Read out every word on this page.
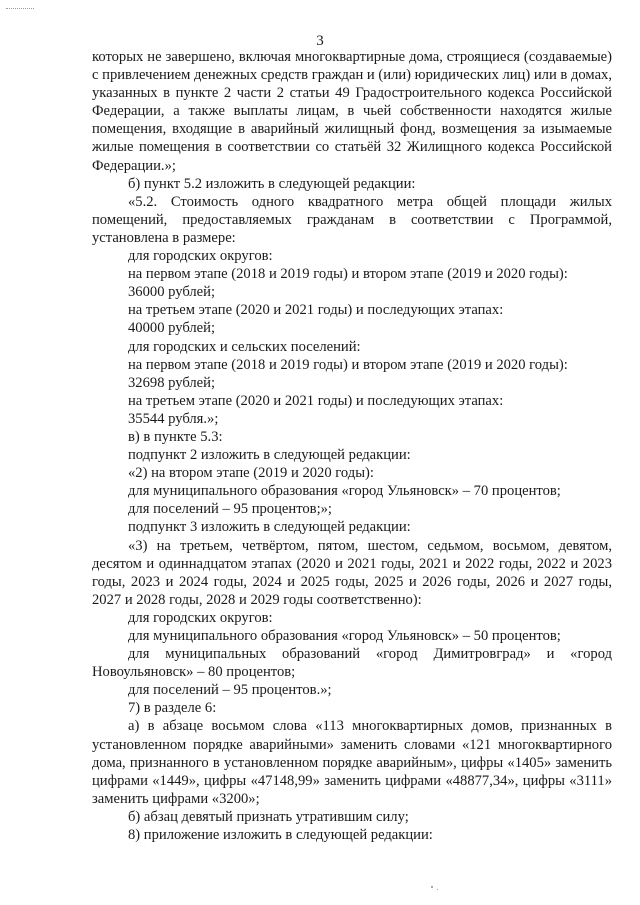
3

которых не завершено, включая многоквартирные дома, строящиеся (создаваемые) с привлечением денежных средств граждан и (или) юридических лиц) или в домах, указанных в пункте 2 части 2 статьи 49 Градостроительного кодекса Российской Федерации, а также выплаты лицам, в чьей собственности находятся жилые помещения, входящие в аварийный жилищный фонд, возмещения за изымаемые жилые помещения в соответствии со статьёй 32 Жилищного кодекса Российской Федерации.»;

б) пункт 5.2 изложить в следующей редакции:

«5.2. Стоимость одного квадратного метра общей площади жилых помещений, предоставляемых гражданам в соответствии с Программой, установлена в размере:

для городских округов:

на первом этапе (2018 и 2019 годы) и втором этапе (2019 и 2020 годы):

36000 рублей;

на третьем этапе (2020 и 2021 годы) и последующих этапах:

40000 рублей;

для городских и сельских поселений:

на первом этапе (2018 и 2019 годы) и втором этапе (2019 и 2020 годы):

32698 рублей;

на третьем этапе (2020 и 2021 годы) и последующих этапах:

35544 рубля.»;

в) в пункте 5.3:

подпункт 2 изложить в следующей редакции:

«2) на втором этапе (2019 и 2020 годы):

для муниципального образования «город Ульяновск» – 70 процентов;

для поселений – 95 процентов;»;

подпункт 3 изложить в следующей редакции:

«3) на третьем, четвёртом, пятом, шестом, седьмом, восьмом, девятом, десятом и одиннадцатом этапах (2020 и 2021 годы, 2021 и 2022 годы, 2022 и 2023 годы, 2023 и 2024 годы, 2024 и 2025 годы, 2025 и 2026 годы, 2026 и 2027 годы, 2027 и 2028 годы, 2028 и 2029 годы соответственно):

для городских округов:

для муниципального образования «город Ульяновск» – 50 процентов;

для муниципальных образований «город Димитровград» и «город Новоульяновск» – 80 процентов;

для поселений – 95 процентов.»;

7) в разделе 6:

а) в абзаце восьмом слова «113 многоквартирных домов, признанных в установленном порядке аварийными» заменить словами «121 многоквартирного дома, признанного в установленном порядке аварийным», цифры «1405» заменить цифрами «1449», цифры «47148,99» заменить цифрами «48877,34», цифры «3111» заменить цифрами «3200»;

б) абзац девятый признать утратившим силу;

8) приложение изложить в следующей редакции:
